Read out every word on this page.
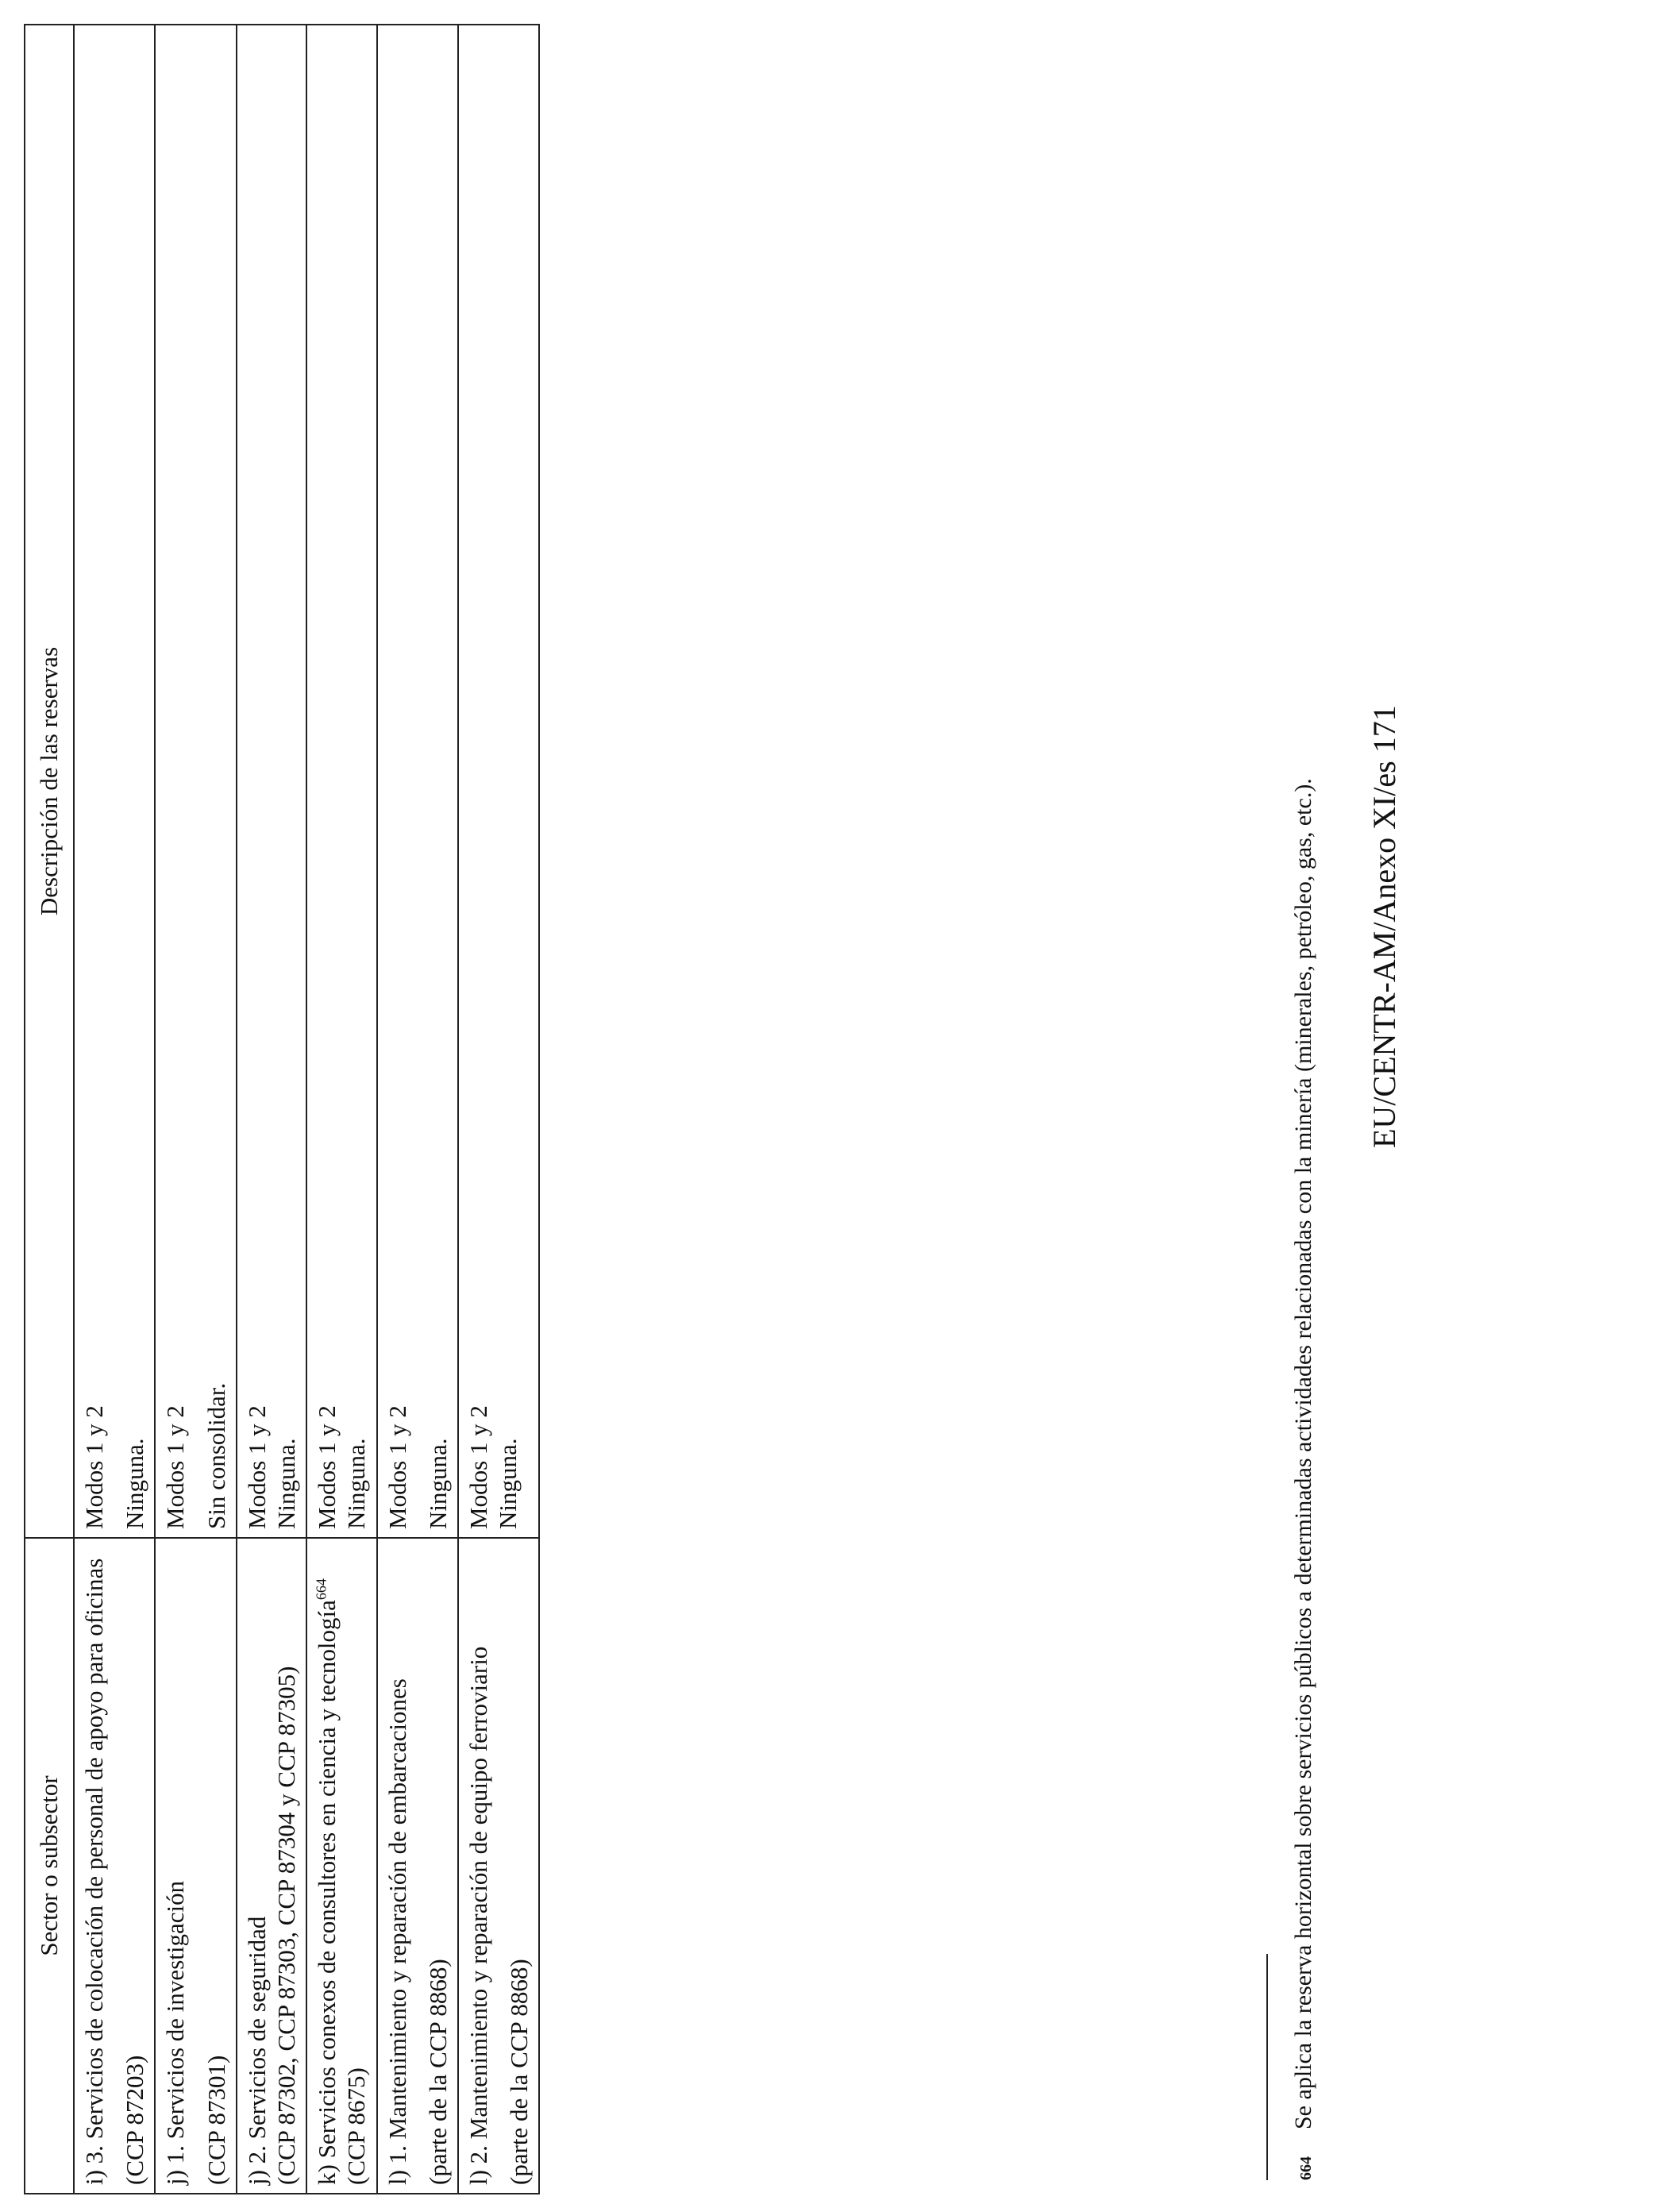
Sector o subsector	Descripción de las reservas	

i) 3. Servicios de colocación de personal de apoyo para oficinas (CCP 87203)	Modos 1 y 2 Ninguna.	

j) 1. Servicios de investigación (CCP 87301)	Modos 1 y 2 Sin consolidar.	

j) 2. Servicios de seguridad (CCP 87302, CCP 87303, CCP 87304 y CCP 87305)	Modos 1 y 2 Ninguna.	

k) Servicios conexos de consultores en ciencia y tecnología$^{664}$
(CCP 8675)	Modos 1 y 2 Ninguna.	

l) 1. Mantenimiento y reparación de embarcaciones (parte de la CCP 8868)	Modos 1 y 2 Ninguna.	

l) 2. Mantenimiento y reparación de equipo ferroviario (parte de la CCP 8868)	Modos 1 y 2 Ninguna.	

664Se aplica la reserva horizontal sobre servicios públicos a determinadas actividades relacionadas con la minería (minerales, petróleo, gas, etc.). EU/CENTR-AM/Anexo XI/es 171
